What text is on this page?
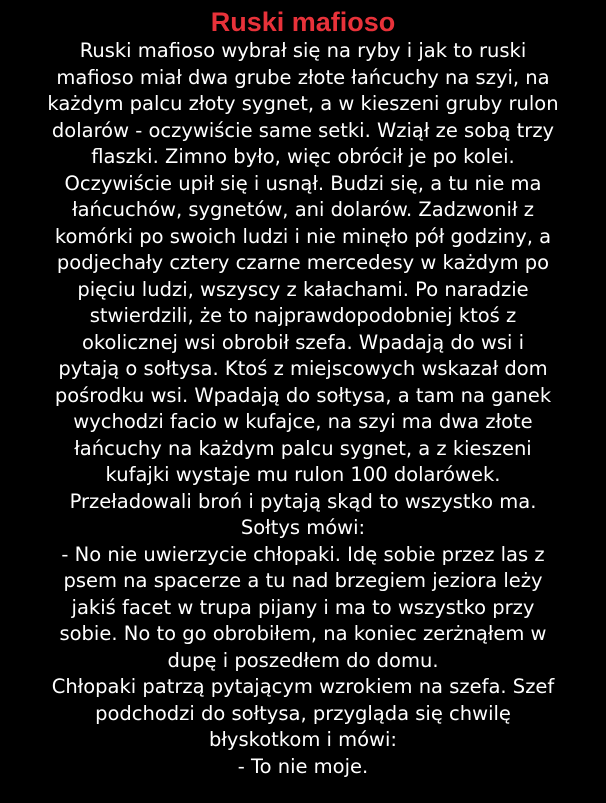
Ruski mafioso
Ruski mafioso wybrał się na ryby i jak to ruski
mafioso miał dwa grube złote łańcuchy na szyi, na
każdym palcu złoty sygnet, a w kieszeni gruby rulon
dolarów - oczywiście same setki. Wziął ze sobą trzy
flaszki. Zimno było, więc obrócił je po kolei.
Oczywiście upił się i usnął. Budzi się, a tu nie ma
łańcuchów, sygnetów, ani dolarów. Zadzwonił z
komórki po swoich ludzi i nie minęło pół godziny, a
podjechały cztery czarne mercedesy w każdym po
pięciu ludzi, wszyscy z kałachami. Po naradzie
stwierdzili, że to najprawdopodobniej ktoś z
okolicznej wsi obrobił szefa. Wpadają do wsi i
pytają o sołtysa. Ktoś z miejscowych wskazał dom
pośrodku wsi. Wpadają do sołtysa, a tam na ganek
wychodzi facio w kufajce, na szyi ma dwa złote
łańcuchy na każdym palcu sygnet, a z kieszeni
kufajki wystaje mu rulon 100 dolarówek.
Przeładowali broń i pytają skąd to wszystko ma.
Sołtys mówi:
- No nie uwierzycie chłopaki. Idę sobie przez las z
psem na spacerze a tu nad brzegiem jeziora leży
jakiś facet w trupa pijany i ma to wszystko przy
sobie. No to go obrobiłem, na koniec zerżnąłem w
dupę i poszedłem do domu.
Chłopaki patrzą pytającym wzrokiem na szefa. Szef
podchodzi do sołtysa, przygląda się chwilę
błyskotkom i mówi:
- To nie moje.
